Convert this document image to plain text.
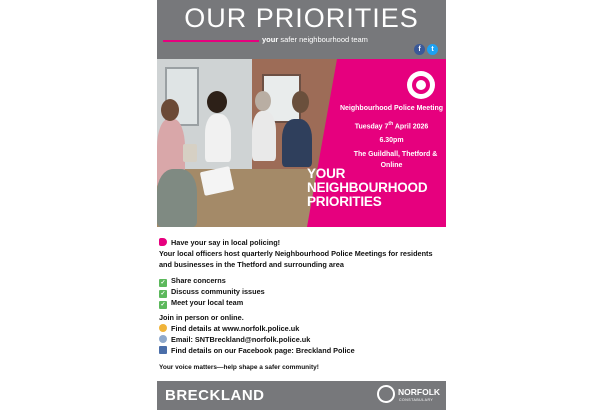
OUR PRIORITIES
your safer neighbourhood team
f	t
Neighbourhood Police Meeting
Tuesday 7th April 2026
6.30pm
The Guildhall, Thetford &
Online
YOUR
NEIGHBOURHOOD
PRIORITIES
Have your say in local policing!
Your local officers host quarterly Neighbourhood Police Meetings for residents
and businesses in the Thetford and surrounding area
✓ Share concerns
✓ Discuss community issues
✓ Meet your local team
Join in person or online.
Find details at www.norfolk.police.uk
Email: SNTBreckland@norfolk.police.uk
Find details on our Facebook page: Breckland Police
Your voice matters—help shape a safer community!
BRECKLAND	NORFOLK
CONSTABULARY
